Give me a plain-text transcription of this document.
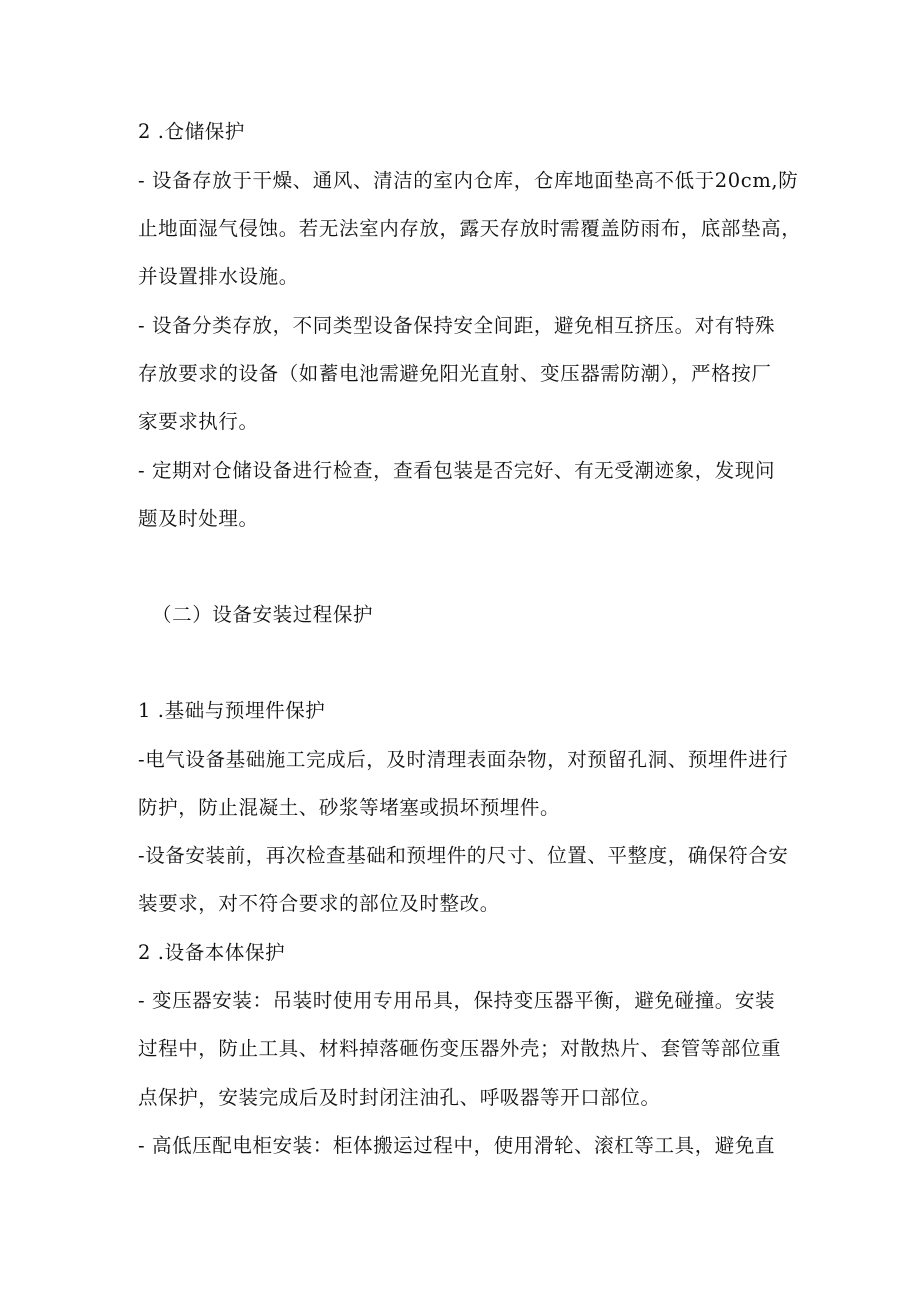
2 .仓储保护
- 设备存放于干燥、通风、清洁的室内仓库，仓库地面垫高不低于20cm,防
止地面湿气侵蚀。若无法室内存放，露天存放时需覆盖防雨布，底部垫高，
并设置排水设施。
- 设备分类存放，不同类型设备保持安全间距，避免相互挤压。对有特殊
存放要求的设备（如蓄电池需避免阳光直射、变压器需防潮），严格按厂
家要求执行。
- 定期对仓储设备进行检查，查看包装是否完好、有无受潮迹象，发现问
题及时处理。
（二）设备安装过程保护
1 .基础与预埋件保护
-电气设备基础施工完成后，及时清理表面杂物，对预留孔洞、预埋件进行
防护，防止混凝土、砂浆等堵塞或损坏预埋件。
-设备安装前，再次检查基础和预埋件的尺寸、位置、平整度，确保符合安
装要求，对不符合要求的部位及时整改。
2 .设备本体保护
- 变压器安装：吊装时使用专用吊具，保持变压器平衡，避免碰撞。安装
过程中，防止工具、材料掉落砸伤变压器外壳；对散热片、套管等部位重
点保护，安装完成后及时封闭注油孔、呼吸器等开口部位。
- 高低压配电柜安装：柜体搬运过程中，使用滑轮、滚杠等工具，避免直
